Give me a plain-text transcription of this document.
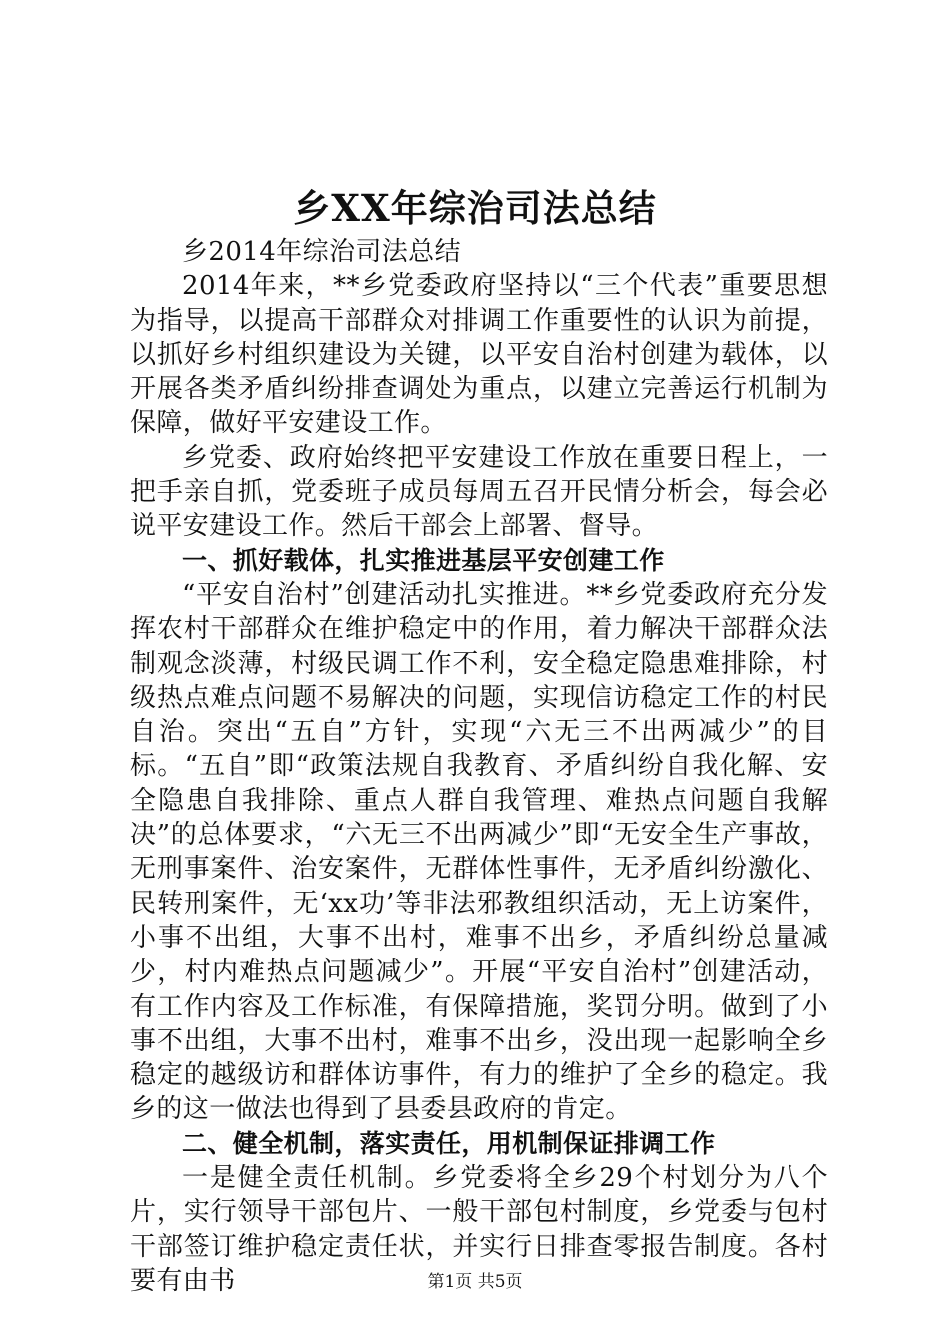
乡XX年综治司法总结

乡2014年综治司法总结

2014年来，**乡党委政府坚持以“三个代表”重要思想为指导，以提高干部群众对排调工作重要性的认识为前提，以抓好乡村组织建设为关键，以平安自治村创建为载体，以开展各类矛盾纠纷排查调处为重点，以建立完善运行机制为保障，做好平安建设工作。

乡党委、政府始终把平安建设工作放在重要日程上，一把手亲自抓，党委班子成员每周五召开民情分析会，每会必说平安建设工作。然后干部会上部署、督导。

一、抓好载体，扎实推进基层平安创建工作

“平安自治村”创建活动扎实推进。**乡党委政府充分发挥农村干部群众在维护稳定中的作用，着力解决干部群众法制观念淡薄，村级民调工作不利，安全稳定隐患难排除，村级热点难点问题不易解决的问题，实现信访稳定工作的村民自治。突出“五自”方针，实现“六无三不出两减少”的目标。“五自”即“政策法规自我教育、矛盾纠纷自我化解、安全隐患自我排除、重点人群自我管理、难热点问题自我解决”的总体要求，“六无三不出两减少”即“无安全生产事故，无刑事案件、治安案件，无群体性事件，无矛盾纠纷激化、民转刑案件，无‘xx功’等非法邪教组织活动，无上访案件，小事不出组，大事不出村，难事不出乡，矛盾纠纷总量减少，村内难热点问题减少”。开展“平安自治村”创建活动，有工作内容及工作标准，有保障措施，奖罚分明。做到了小事不出组，大事不出村，难事不出乡，没出现一起影响全乡稳定的越级访和群体访事件，有力的维护了全乡的稳定。我乡的这一做法也得到了县委县政府的肯定。

二、健全机制，落实责任，用机制保证排调工作

一是健全责任机制。乡党委将全乡29个村划分为八个片，实行领导干部包片、一般干部包村制度，乡党委与包村干部签订维护稳定责任状，并实行日排查零报告制度。各村要有由书	第1页 共5页
